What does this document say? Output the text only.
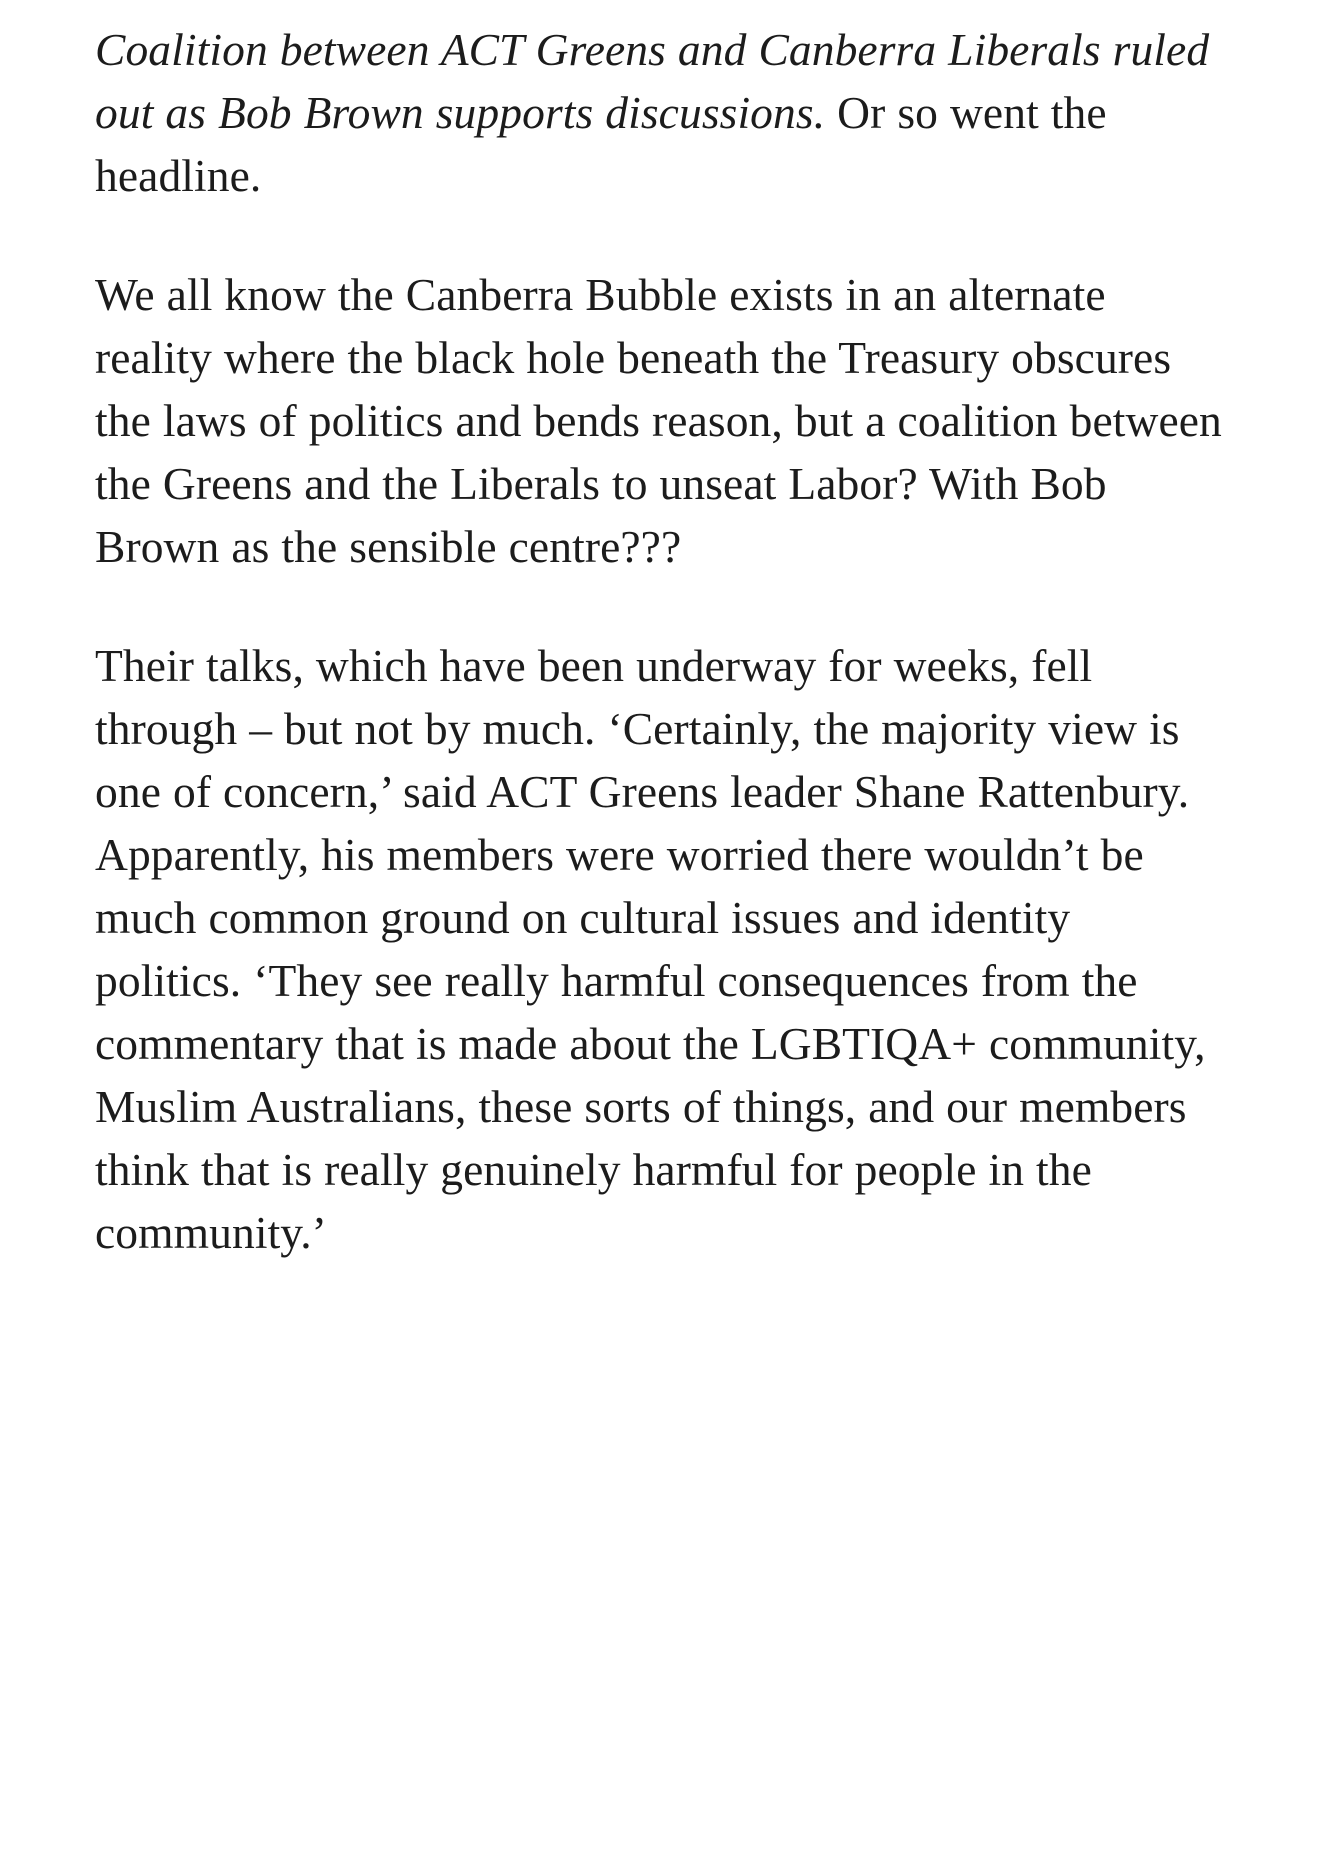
Coalition between ACT Greens and Canberra Liberals ruled out as Bob Brown supports discussions. Or so went the headline.

We all know the Canberra Bubble exists in an alternate reality where the black hole beneath the Treasury obscures the laws of politics and bends reason, but a coalition between the Greens and the Liberals to unseat Labor? With Bob Brown as the sensible centre???

Their talks, which have been underway for weeks, fell through – but not by much. ‘Certainly, the majority view is one of concern,’ said ACT Greens leader Shane Rattenbury. Apparently, his members were worried there wouldn’t be much common ground on cultural issues and identity politics. ‘They see really harmful consequences from the commentary that is made about the LGBTIQA+ community, Muslim Australians, these sorts of things, and our members think that is really genuinely harmful for people in the community.’
